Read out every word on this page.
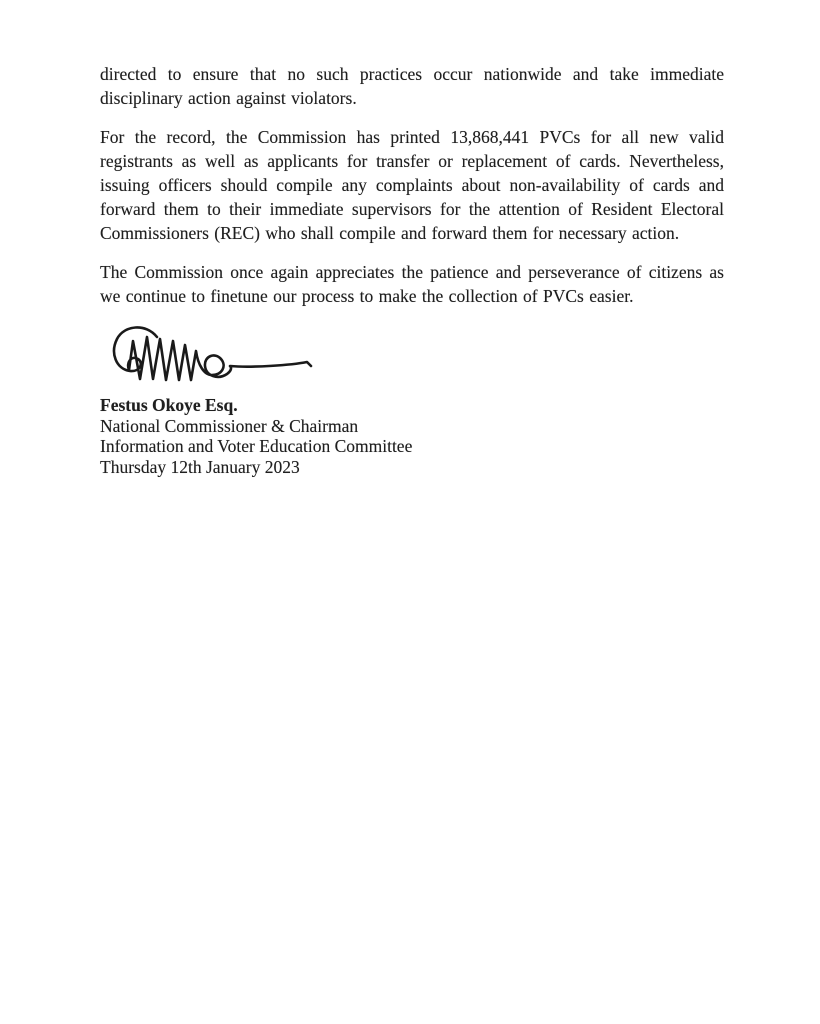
directed to ensure that no such practices occur nationwide and take immediate disciplinary action against violators.

For the record, the Commission has printed 13,868,441 PVCs for all new valid registrants as well as applicants for transfer or replacement of cards. Nevertheless, issuing officers should compile any complaints about non-availability of cards and forward them to their immediate supervisors for the attention of Resident Electoral Commissioners (REC) who shall compile and forward them for necessary action.

The Commission once again appreciates the patience and perseverance of citizens as we continue to finetune our process to make the collection of PVCs easier.

Festus Okoye Esq.
National Commissioner & Chairman
Information and Voter Education Committee
Thursday 12th January 2023
